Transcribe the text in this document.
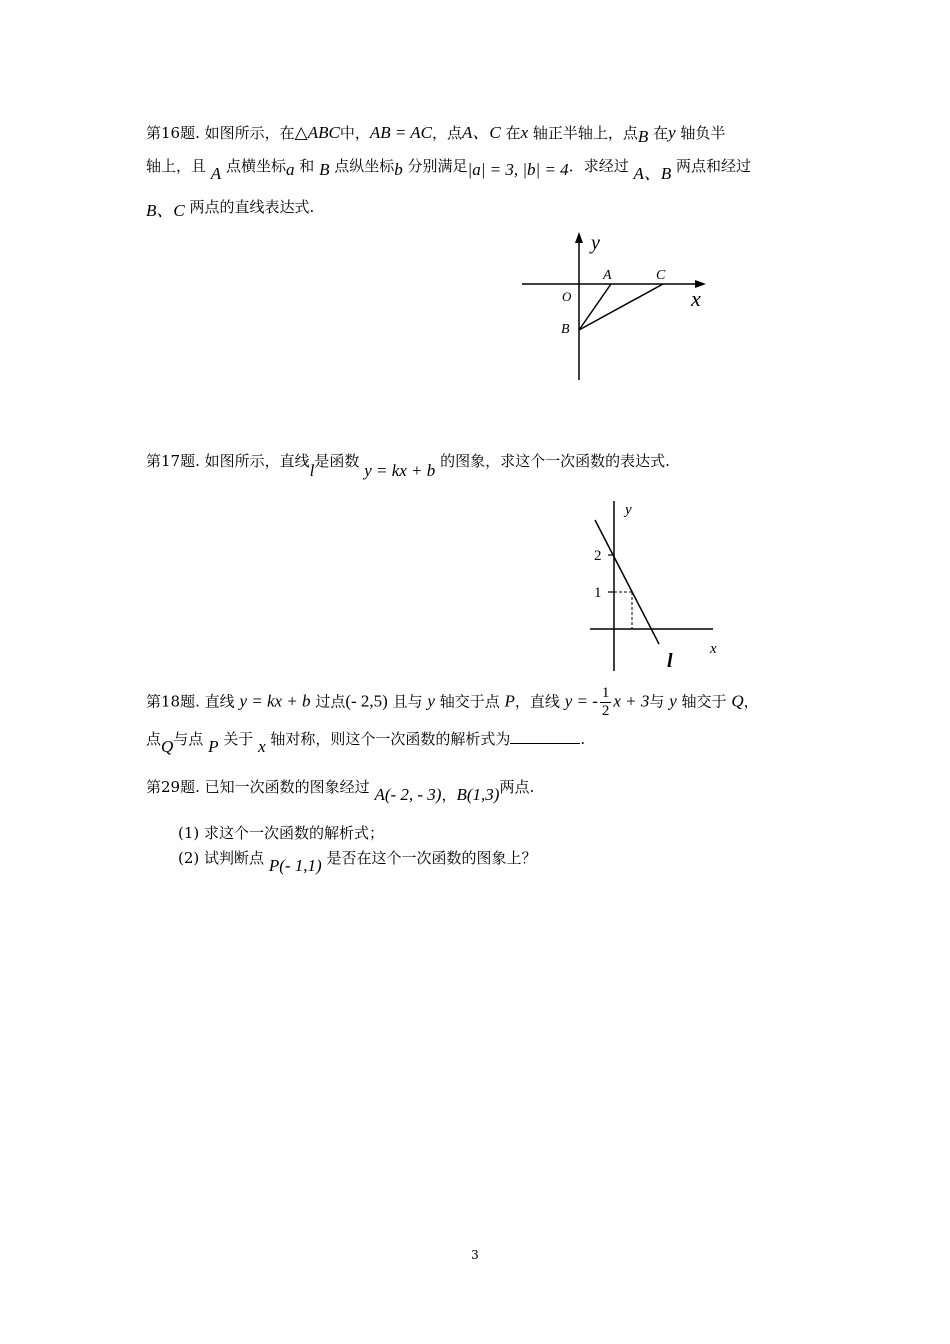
第16题. 如图所示，在△ABC中，AB = AC，点A、C 在x 轴正半轴上，点B 在y 轴负半
轴上，且 A 点横坐标a 和 B 点纵坐标b 分别满足|a| = 3, |b| = 4．求经过 A、B 两点和经过
B、C 两点的直线表达式.
y
x
O
A	C
B
第17题. 如图所示，直线l是函数 y = kx + b 的图象，求这个一次函数的表达式.
y
x
2
1
l
第18题. 直线 y = kx + b 过点(- 2,5) 且与 y 轴交于点 P，直线 y = - $\frac{1}{2}$ x + 3与 y 轴交于 Q，
点Q与点 P 关于 x 轴对称，则这个一次函数的解析式为	.
第29题. 已知一次函数的图象经过 A(- 2, - 3)，B(1,3)两点.
(1) 求这个一次函数的解析式；
(2) 试判断点 P(- 1,1) 是否在这个一次函数的图象上？
3
